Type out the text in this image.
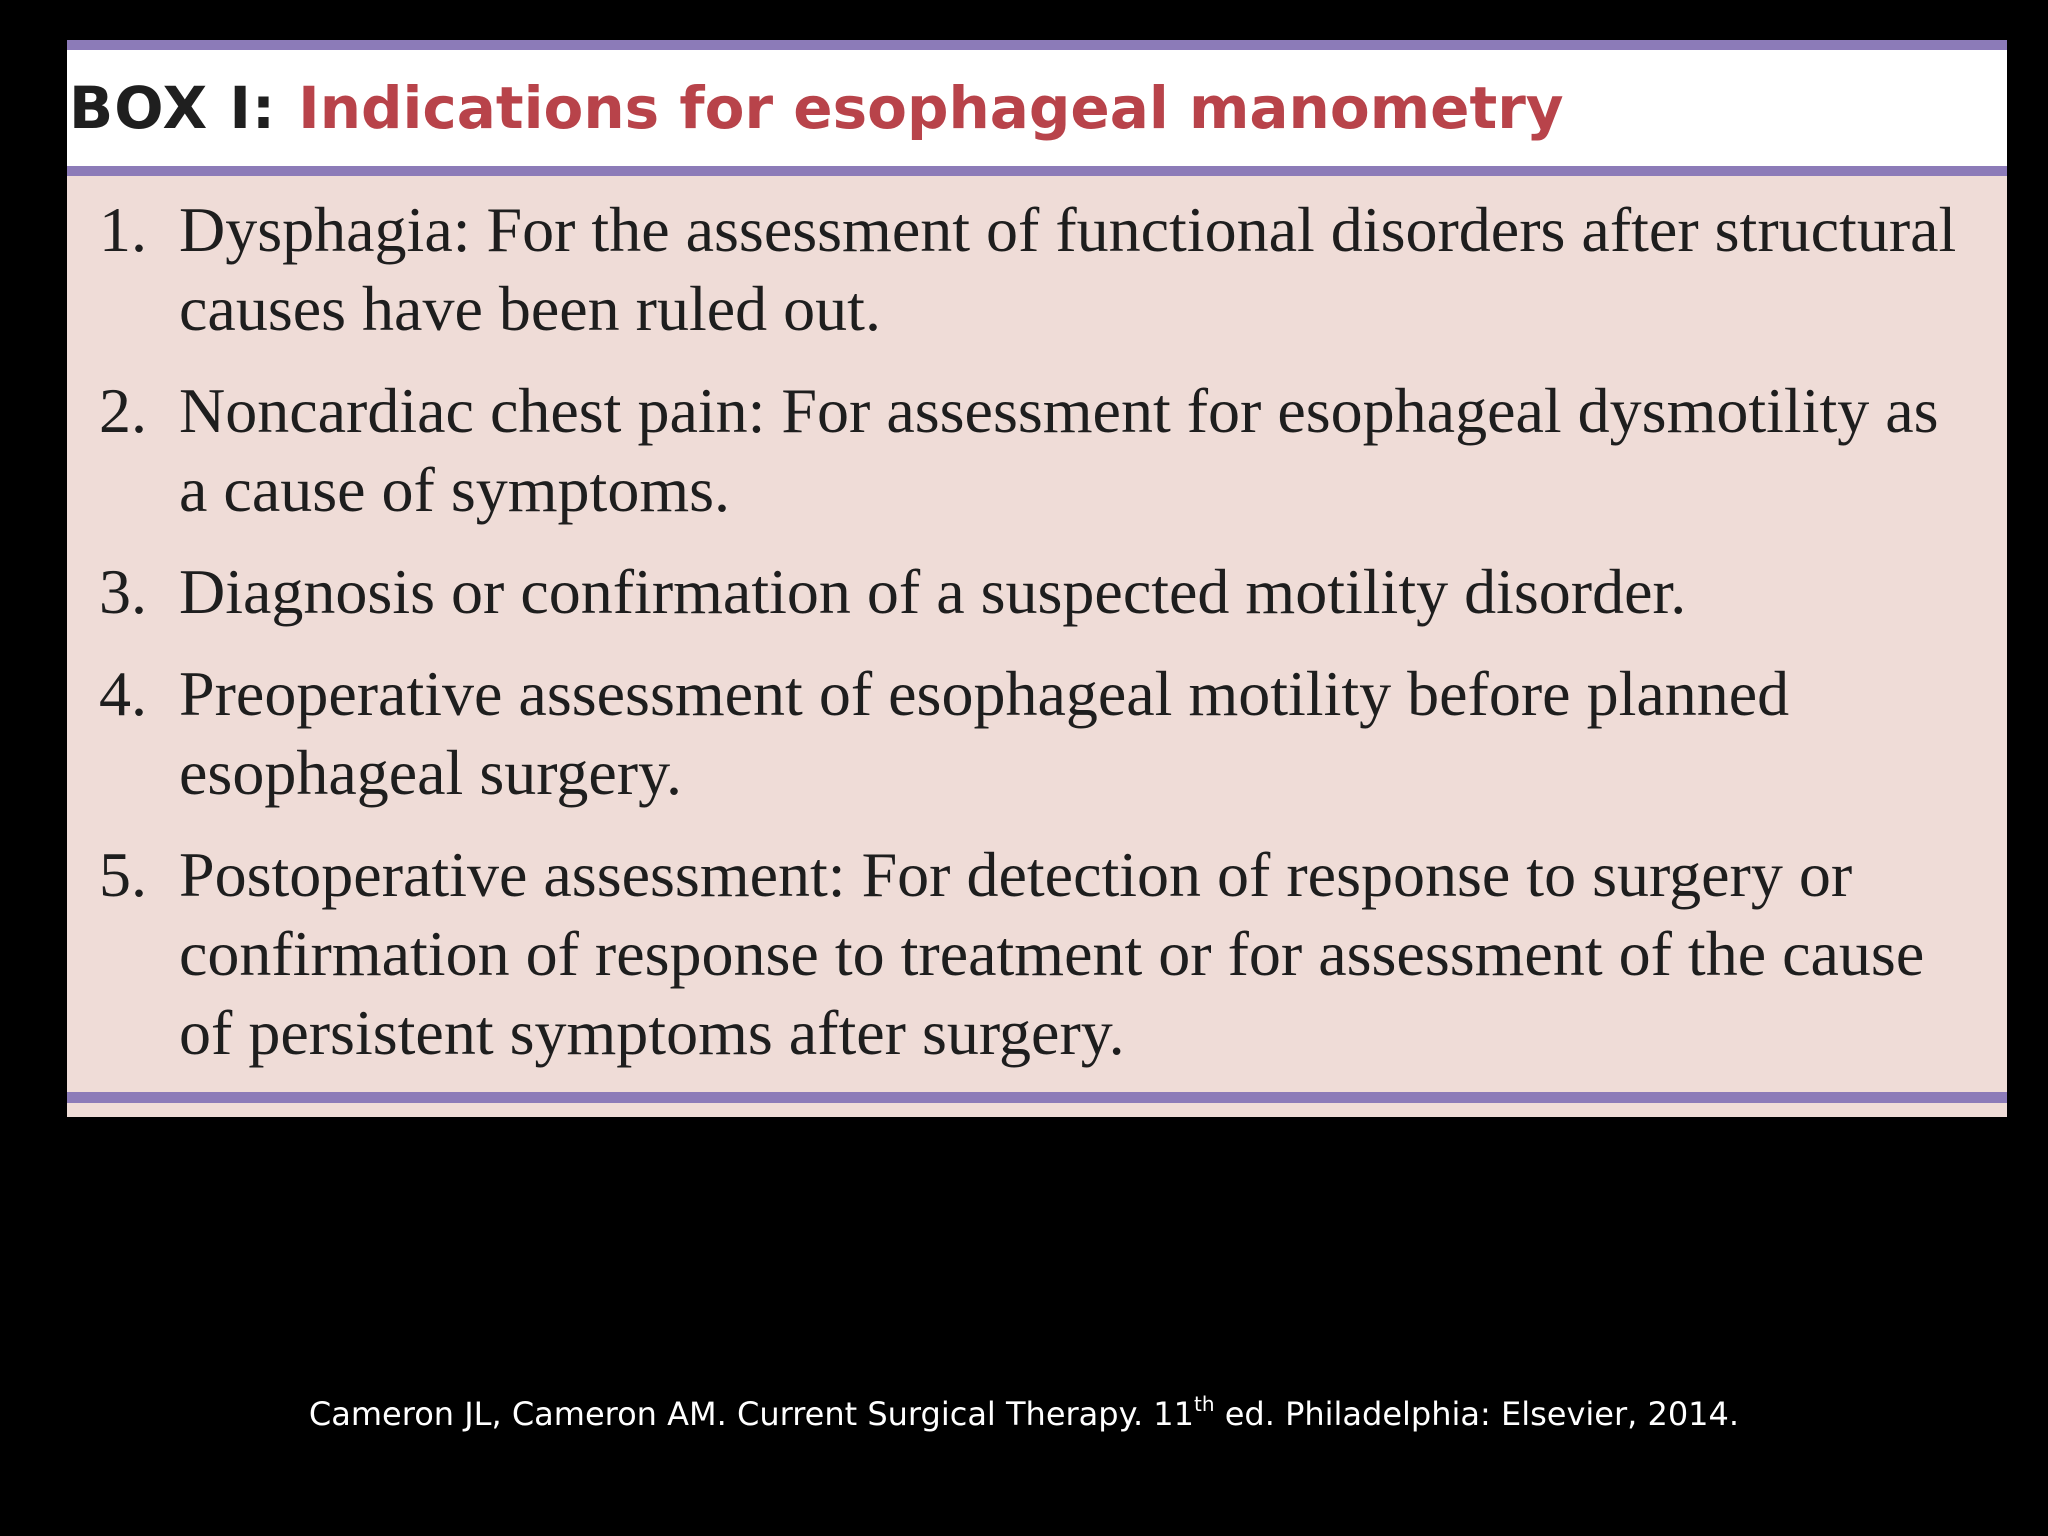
BOX I: Indications for esophageal manometry
1. Dysphagia: For the assessment of functional disorders after structural causes have been ruled out.
2. Noncardiac chest pain: For assessment for esophageal dysmotility as a cause of symptoms.
3. Diagnosis or confirmation of a suspected motility disorder.
4. Preoperative assessment of esophageal motility before planned esophageal surgery.
5. Postoperative assessment: For detection of response to surgery or confirmation of response to treatment or for assessment of the cause of persistent symptoms after surgery.
Cameron JL, Cameron AM. Current Surgical Therapy. 11th ed. Philadelphia: Elsevier, 2014.
